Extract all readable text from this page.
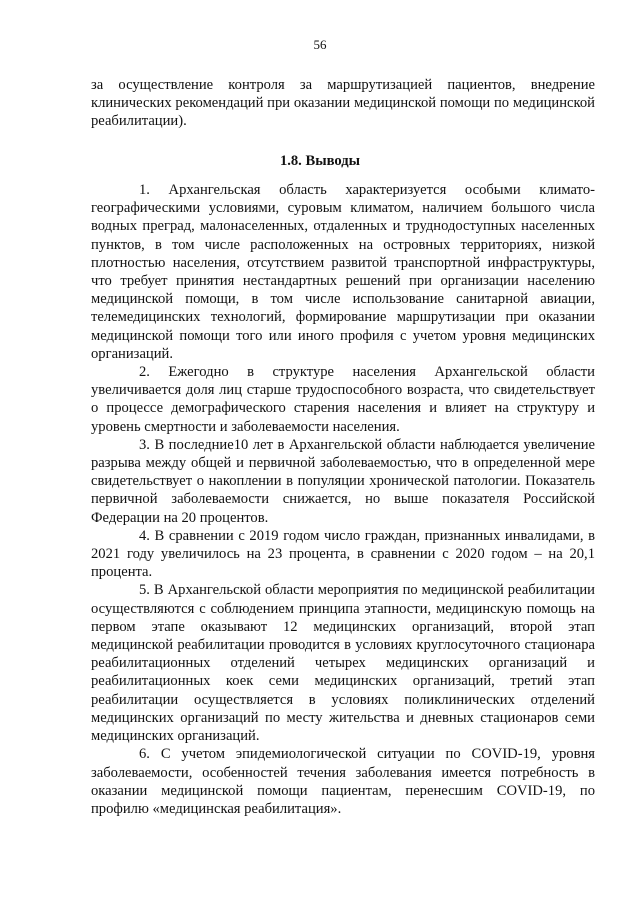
56

за осуществление контроля за маршрутизацией пациентов, внедрение клинических рекомендаций при оказании медицинской помощи по медицинской реабилитации).

1.8. Выводы

1. Архангельская область характеризуется особыми климато-географическими условиями, суровым климатом, наличием большого числа водных преград, малонаселенных, отдаленных и труднодоступных населенных пунктов, в том числе расположенных на островных территориях, низкой плотностью населения, отсутствием развитой транспортной инфраструктуры, что требует принятия нестандартных решений при организации населению медицинской помощи, в том числе использование санитарной авиации, телемедицинских технологий, формирование маршрутизации при оказании медицинской помощи того или иного профиля с учетом уровня медицинских организаций.

2. Ежегодно в структуре населения Архангельской области увеличивается доля лиц старше трудоспособного возраста, что свидетельствует о процессе демографического старения населения и влияет на структуру и уровень смертности и заболеваемости населения.

3. В последние10 лет в Архангельской области наблюдается увеличение разрыва между общей и первичной заболеваемостью, что в определенной мере свидетельствует о накоплении в популяции хронической патологии. Показатель первичной заболеваемости снижается, но выше показателя Российской Федерации на 20 процентов.

4. В сравнении с 2019 годом число граждан, признанных инвалидами, в 2021 году увеличилось на 23 процента, в сравнении с 2020 годом – на 20,1 процента.

5. В Архангельской области мероприятия по медицинской реабилитации осуществляются с соблюдением принципа этапности, медицинскую помощь на первом этапе оказывают 12 медицинских организаций, второй этап медицинской реабилитации проводится в условиях круглосуточного стационара реабилитационных отделений четырех медицинских организаций и реабилитационных коек семи медицинских организаций, третий этап реабилитации осуществляется в условиях поликлинических отделений медицинских организаций по месту жительства и дневных стационаров семи медицинских организаций.

6. С учетом эпидемиологической ситуации по COVID-19, уровня заболеваемости, особенностей течения заболевания имеется потребность в оказании медицинской помощи пациентам, перенесшим COVID-19, по профилю «медицинская реабилитация».
